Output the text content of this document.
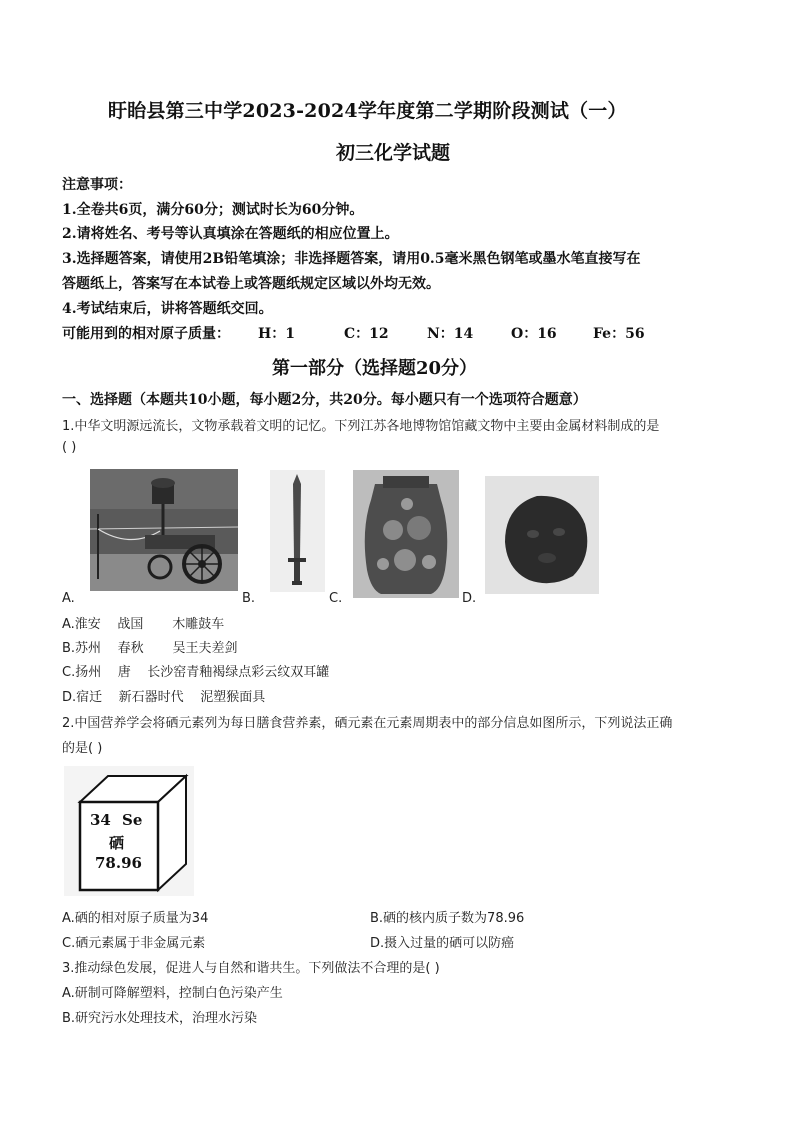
盱眙县第三中学2023-2024学年度第二学期阶段测试（一）
初三化学试题
注意事项：
1.全卷共6页，满分60分；测试时长为60分钟。
2.请将姓名、考号等认真填涂在答题纸的相应位置上。
3.选择题答案，请使用2B铅笔填涂；非选择题答案，请用0.5毫米黑色钢笔或墨水笔直接写在
答题纸上，答案写在本试卷上或答题纸规定区域以外均无效。
4.考试结束后，讲将答题纸交回。
可能用到的相对原子质量： H：1	C：12	N：14	O：16	Fe：56
第一部分（选择题20分）
一、选择题（本题共10小题，每小题2分，共20分。每小题只有一个选项符合题意）
1.中华文明源远流长，文物承载着文明的记忆。下列江苏各地博物馆馆藏文物中主要由金属材料制成的是
( )
A.	B.	C.	D.
A.淮安    战国       木雕鼓车
B.苏州    春秋       吴王夫差剑
C.扬州    唐    长沙窑青釉褐绿点彩云纹双耳罐
D.宿迁    新石器时代    泥塑猴面具
2.中国营养学会将硒元素列为每日膳食营养素，硒元素在元素周期表中的部分信息如图所示，下列说法正确
的是( )
34 Se
硒
78.96
A.硒的相对原子质量为34	B.硒的核内质子数为78.96
C.硒元素属于非金属元素	D.摄入过量的硒可以防癌
3.推动绿色发展，促进人与自然和谐共生。下列做法不合理的是( )
A.研制可降解塑料，控制白色污染产生
B.研究污水处理技术，治理水污染
